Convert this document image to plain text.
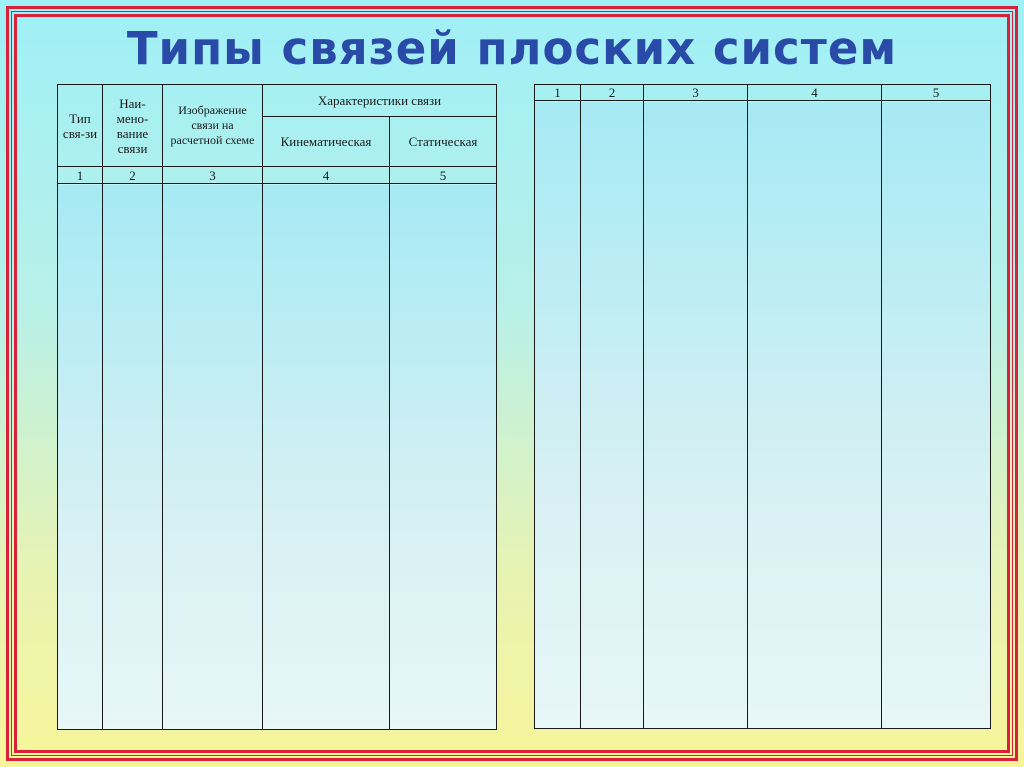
Типы связей плоских систем
Тип свя-зи	Наи-мено-вание связи	Изображение связи на расчетной схеме	Характеристики связи	
			Кинематическая	Статическая
1	2	3	4	5

1	2	3	4	5
